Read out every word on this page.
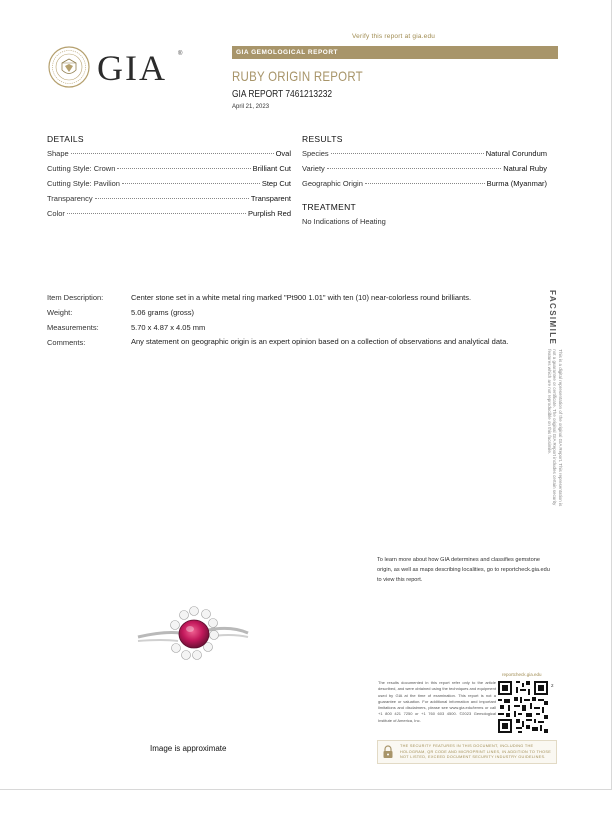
Verify this report at gia.edu
GIA ®	GIA GEMOLOGICAL REPORT
RUBY ORIGIN REPORT
GIA REPORT 7461213232
April 21, 2023
DETAILS
Shape	Oval
Cutting Style: Crown	Brilliant Cut
Cutting Style: Pavilion	Step Cut
Transparency	Transparent
Color	Purplish Red
RESULTS
Species	Natural Corundum
Variety	Natural Ruby
Geographic Origin	Burma (Myanmar)
TREATMENT
No Indications of Heating
Item Description:	Center stone set in a white metal ring marked "Pt900 1.01" with ten (10) near-colorless round brilliants.
Weight:	5.06 grams (gross)
Measurements:	5.70 x 4.87 x 4.05 mm
Comments:	Any statement on geographic origin is an expert opinion based on a collection of observations and analytical data.	FACSIMILEThis is a digital representation of the original GIA Report. This representation is not a guarantee or certificate. The original GIA Report includes certain security features which are not reproducible on this facsimile.
To learn more about how GIA determines and classifies gemstone origin, as well as maps describing localities, go to reportcheck.gia.edu to view this report.
Image is approximate
reportcheck.gia.edu
The results documented in this report refer only to the article described, and were obtained using the techniques and equipment used by GIA at the time of examination. This report is not a guarantee or valuation. For additional information and important limitations and disclaimers, please see www.gia.edu/terms or call +1 800 421 7250 or +1 760 603 4500. ©2023 Gemological Institute of America, Inc.
2
THE SECURITY FEATURES IN THIS DOCUMENT, INCLUDING THE HOLOGRAM, QR CODE AND MICROPRINT LINES, IN ADDITION TO THOSE NOT LISTED, EXCEED DOCUMENT SECURITY INDUSTRY GUIDELINES.
